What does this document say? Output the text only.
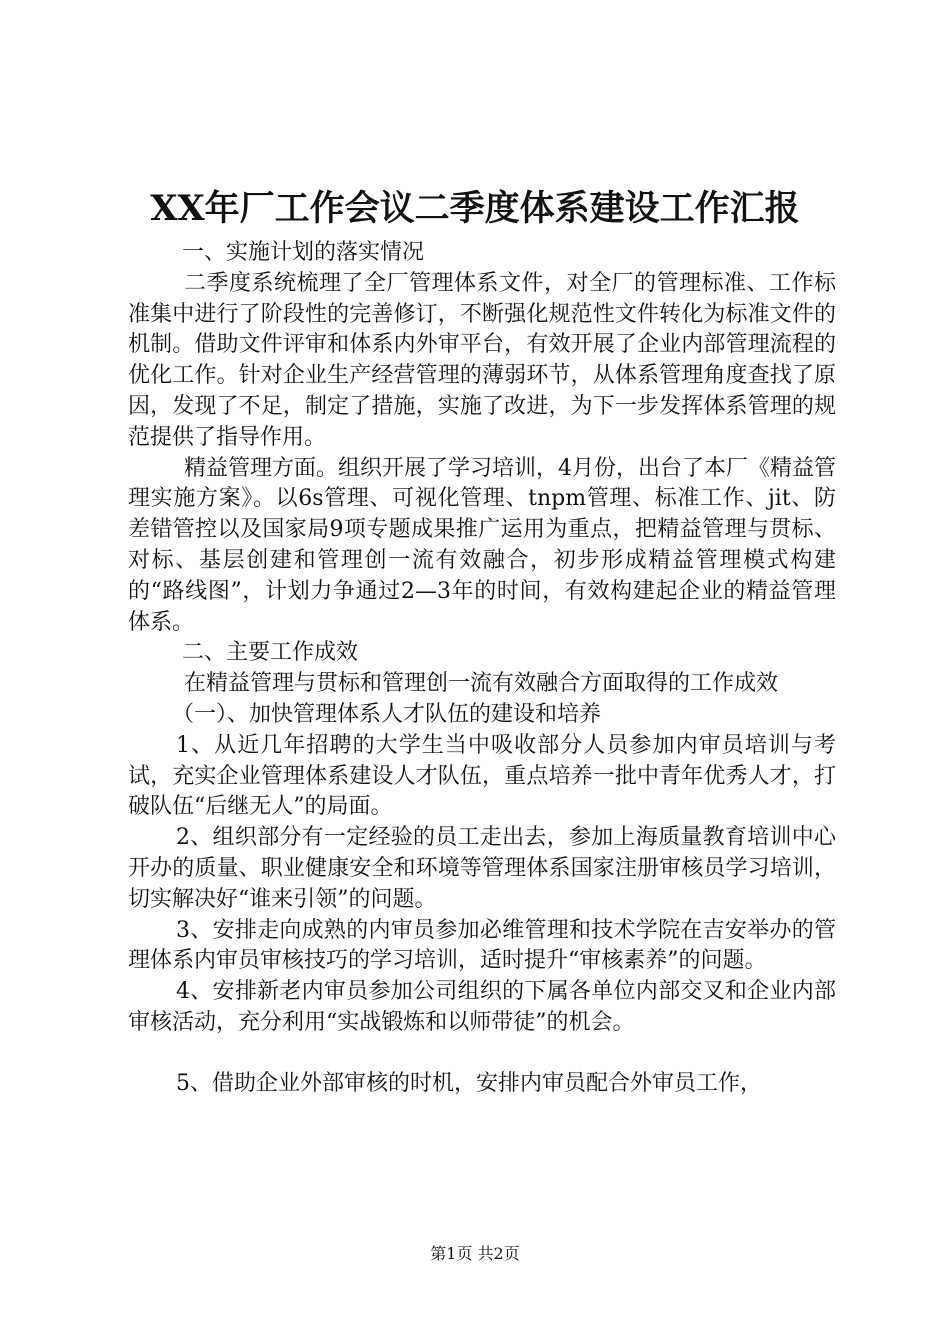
XX年厂工作会议二季度体系建设工作汇报

一、实施计划的落实情况

二季度系统梳理了全厂管理体系文件，对全厂的管理标准、工作标准集中进行了阶段性的完善修订，不断强化规范性文件转化为标准文件的机制。借助文件评审和体系内外审平台，有效开展了企业内部管理流程的优化工作。针对企业生产经营管理的薄弱环节，从体系管理角度查找了原因，发现了不足，制定了措施，实施了改进，为下一步发挥体系管理的规范提供了指导作用。

精益管理方面。组织开展了学习培训，4月份，出台了本厂《精益管理实施方案》。以6s管理、可视化管理、tnpm管理、标准工作、jit、防差错管控以及国家局9项专题成果推广运用为重点，把精益管理与贯标、对标、基层创建和管理创一流有效融合，初步形成精益管理模式构建的“路线图”，计划力争通过2—3年的时间，有效构建起企业的精益管理体系。

二、主要工作成效

在精益管理与贯标和管理创一流有效融合方面取得的工作成效

（一）、加快管理体系人才队伍的建设和培养

1、从近几年招聘的大学生当中吸收部分人员参加内审员培训与考试，充实企业管理体系建设人才队伍，重点培养一批中青年优秀人才，打破队伍“后继无人”的局面。

2、组织部分有一定经验的员工走出去，参加上海质量教育培训中心开办的质量、职业健康安全和环境等管理体系国家注册审核员学习培训，切实解决好“谁来引领”的问题。

3、安排走向成熟的内审员参加必维管理和技术学院在吉安举办的管理体系内审员审核技巧的学习培训，适时提升“审核素养”的问题。

4、安排新老内审员参加公司组织的下属各单位内部交叉和企业内部审核活动，充分利用“实战锻炼和以师带徒”的机会。

5、借助企业外部审核的时机，安排内审员配合外审员工作，

第1页 共2页
